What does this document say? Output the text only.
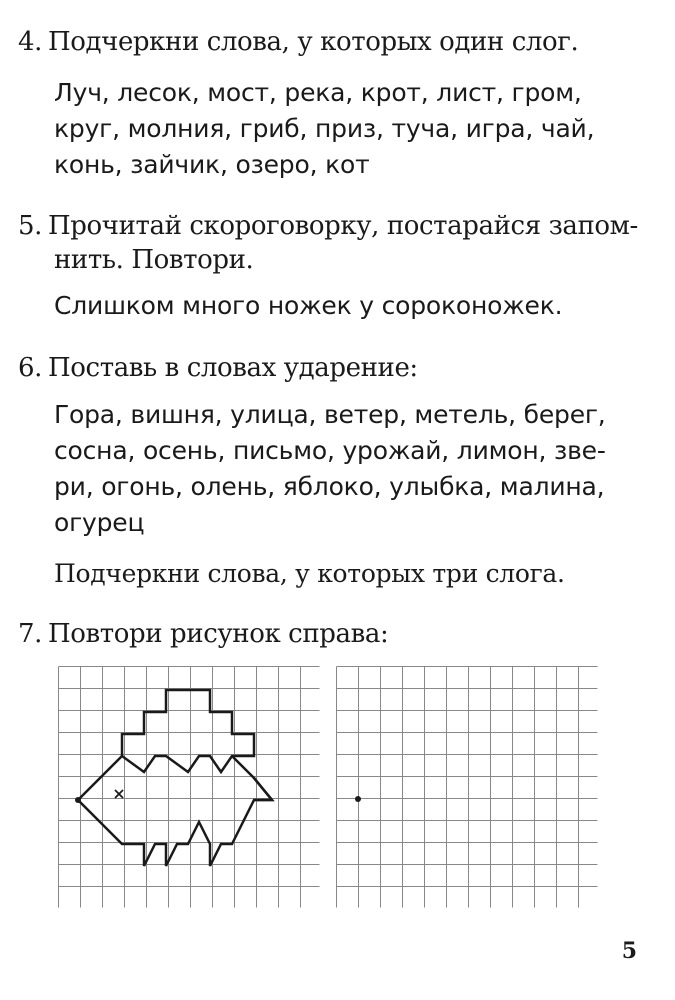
4. Подчеркни слова, у которых один слог.
Луч, лесок, мост, река, крот, лист, гром,
круг, молния, гриб, приз, туча, игра, чай,
конь, зайчик, озеро, кот
5. Прочитай скороговорку, постарайся запом-
нить. Повтори.
Слишком много ножек у сороконожек.
6. Поставь в словах ударение:
Гора, вишня, улица, ветер, метель, берег,
сосна, осень, письмо, урожай, лимон, зве-
ри, огонь, олень, яблоко, улыбка, малина,
огурец
Подчеркни слова, у которых три слога.
7. Повтори рисунок справа:
5
